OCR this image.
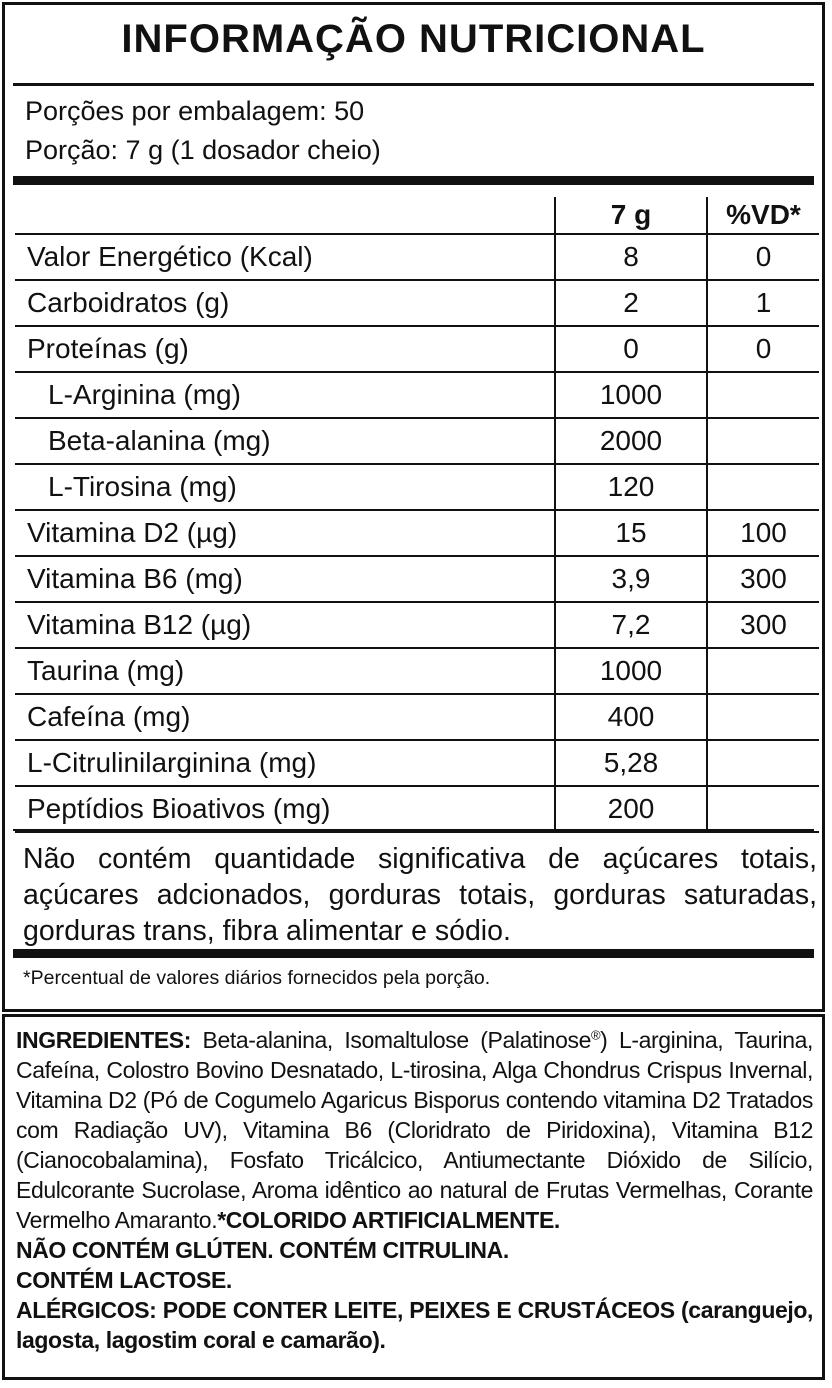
INFORMAÇÃO NUTRICIONAL
Porções por embalagem: 50
Porção: 7 g (1 dosador cheio)
	7 g	%VD*
Valor Energético (Kcal)	8	0
Carboidratos (g)	2	1
Proteínas (g)	0	0
L-Arginina (mg)	1000	
Beta-alanina (mg)	2000	
L-Tirosina (mg)	120	
Vitamina D2 (µg)	15	100
Vitamina B6 (mg)	3,9	300
Vitamina B12 (µg)	7,2	300
Taurina (mg)	1000	
Cafeína (mg)	400	
L-Citrulinilarginina (mg)	5,28	
Peptídios Bioativos (mg)	200	
Não contém quantidade significativa de açúcares totais, açúcares adcionados, gorduras totais, gorduras saturadas, gorduras trans, fibra alimentar e sódio.
*Percentual de valores diários fornecidos pela porção.
INGREDIENTES: Beta-alanina, Isomaltulose (Palatinose®) L-arginina, Taurina, Cafeína, Colostro Bovino Desnatado, L-tirosina, Alga Chondrus Crispus Invernal, Vitamina D2 (Pó de Cogumelo Agaricus Bisporus contendo vitamina D2 Tratados com Radiação UV), Vitamina B6 (Cloridrato de Piridoxina), Vitamina B12 (Cianocobalamina), Fosfato Tricálcico, Antiumectante Dióxido de Silício, Edulcorante Sucrolase, Aroma idêntico ao natural de Frutas Vermelhas, Corante Vermelho Amaranto.*COLORIDO ARTIFICIALMENTE.
NÃO CONTÉM GLÚTEN. CONTÉM CITRULINA.
CONTÉM LACTOSE.
ALÉRGICOS: PODE CONTER LEITE, PEIXES E CRUSTÁCEOS (caranguejo, lagosta, lagostim coral e camarão).
